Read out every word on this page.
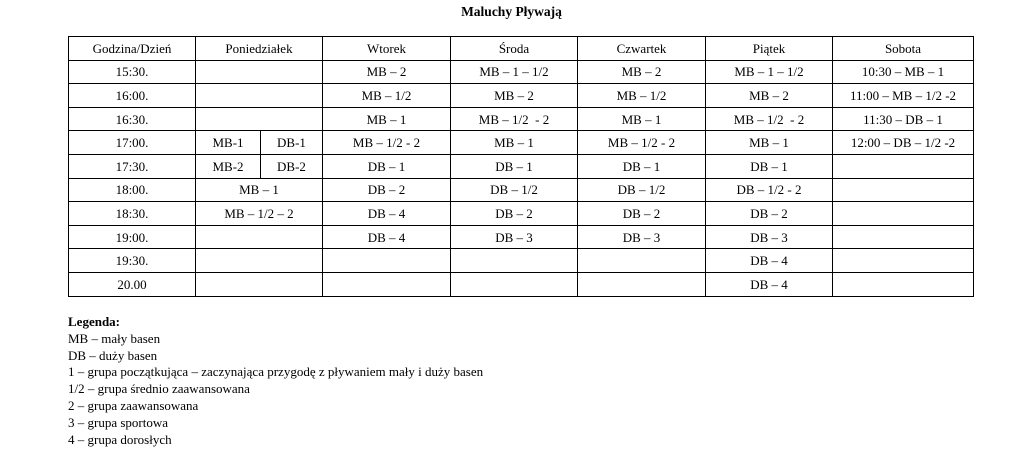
Maluchy Pływają
Godzina/Dzień	Poniedziałek		Wtorek	Środa	Czwartek	Piątek	Sobota
15:30.			MB – 2	MB – 1 – 1/2	MB – 2	MB – 1 – 1/2	10:30 – MB – 1
16:00.			MB – 1/2	MB – 2	MB – 1/2	MB – 2	11:00 – MB – 1/2 -2
16:30.			MB – 1	MB – 1/2  - 2	MB – 1	MB – 1/2  - 2	11:30 – DB – 1
17:00.	MB-1	DB-1	MB – 1/2 - 2	MB – 1	MB – 1/2 - 2	MB – 1	12:00 – DB – 1/2 -2
17:30.	MB-2	DB-2	DB – 1	DB – 1	DB – 1	DB – 1	
18:00.	MB – 1		DB – 2	DB – 1/2	DB – 1/2	DB – 1/2 - 2	
18:30.	MB – 1/2 – 2		DB – 4	DB – 2	DB – 2	DB – 2	
19:00.			DB – 4	DB – 3	DB – 3	DB – 3	
19:30.						DB – 4	
20.00						DB – 4	
Legenda:
MB – mały basen
DB – duży basen
1 – grupa początkująca – zaczynająca przygodę z pływaniem mały i duży basen
1/2 – grupa średnio zaawansowana
2 – grupa zaawansowana
3 – grupa sportowa
4 – grupa dorosłych
